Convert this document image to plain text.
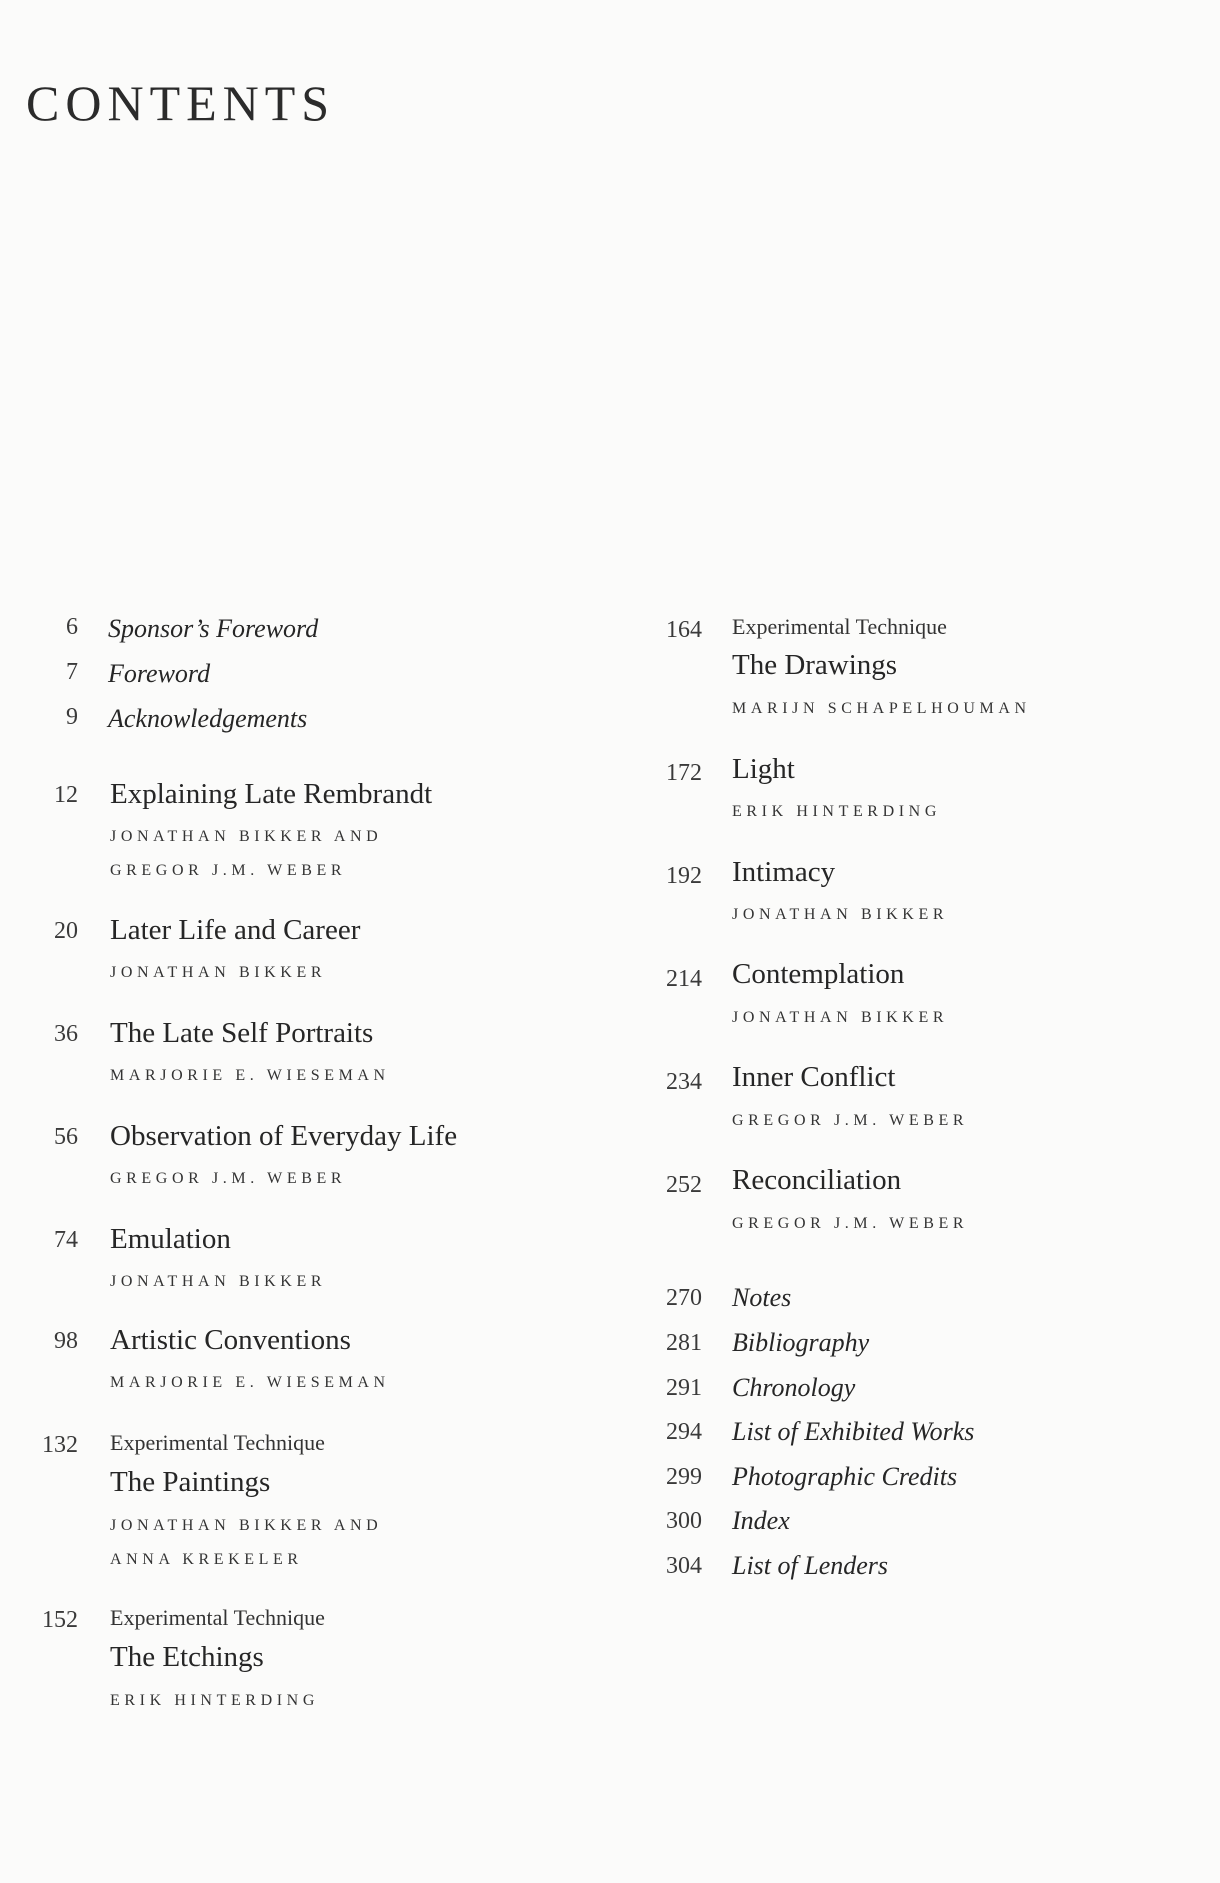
CONTENTS
6 Sponsor’s Foreword
7 Foreword
9 Acknowledgements
12 Explaining Late Rembrandt
JONATHAN BIKKER AND
GREGOR J.M. WEBER
20 Later Life and Career
JONATHAN BIKKER
36 The Late Self Portraits
MARJORIE E. WIESEMAN
56 Observation of Everyday Life
GREGOR J.M. WEBER
74 Emulation
JONATHAN BIKKER
98 Artistic Conventions
MARJORIE E. WIESEMAN
132 Experimental Technique
The Paintings
JONATHAN BIKKER AND
ANNA KREKELER
152 Experimental Technique
The Etchings
ERIK HINTERDING
164 Experimental Technique
The Drawings
MARIJN SCHAPELHOUMAN
172 Light
ERIK HINTERDING
192 Intimacy
JONATHAN BIKKER
214 Contemplation
JONATHAN BIKKER
234 Inner Conflict
GREGOR J.M. WEBER
252 Reconciliation
GREGOR J.M. WEBER
270 Notes
281 Bibliography
291 Chronology
294 List of Exhibited Works
299 Photographic Credits
300 Index
304 List of Lenders
